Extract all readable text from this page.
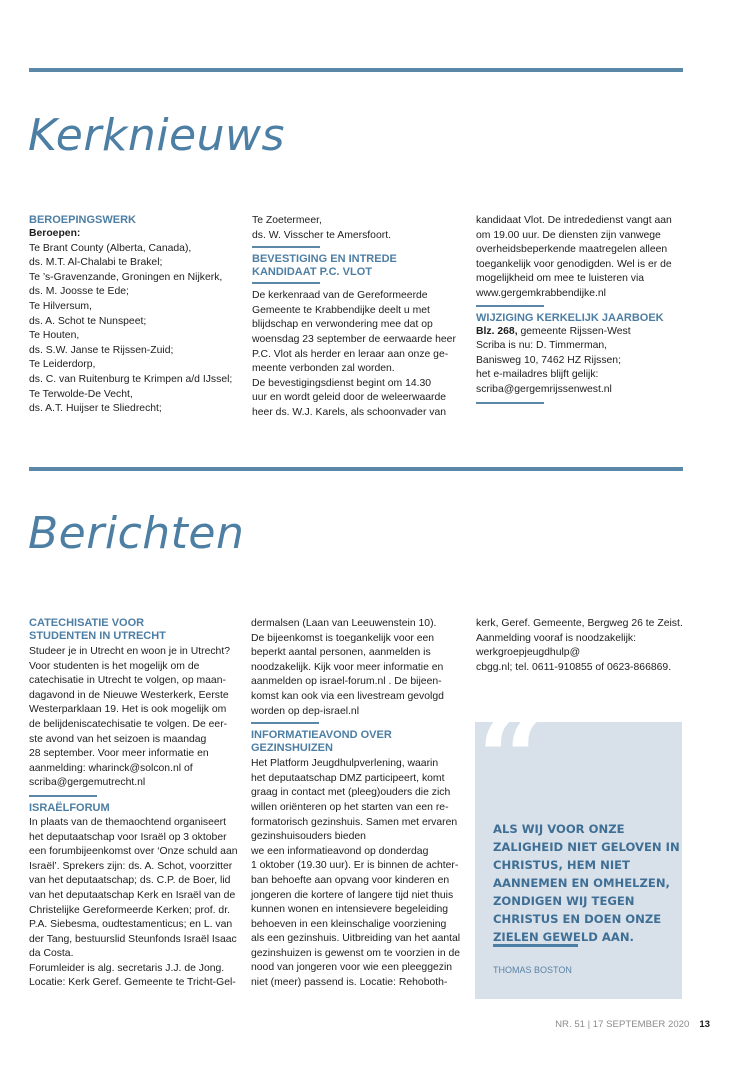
Kerknieuws
BEROEPINGSWERK
Beroepen:
Te Brant County (Alberta, Canada),
ds. M.T. Al-Chalabi te Brakel;
Te ’s-Gravenzande, Groningen en Nijkerk,
ds. M. Joosse te Ede;
Te Hilversum,
ds. A. Schot te Nunspeet;
Te Houten,
ds. S.W. Janse te Rijssen-Zuid;
Te Leiderdorp,
ds. C. van Ruitenburg te Krimpen a/d IJssel;
Te Terwolde-De Vecht,
ds. A.T. Huijser te Sliedrecht;
Te Zoetermeer,
ds. W. Visscher te Amersfoort.
BEVESTIGING EN INTREDE
KANDIDAAT P.C. VLOT
De kerkenraad van de Gereformeerde
Gemeente te Krabbendijke deelt u met
blijdschap en verwondering mee dat op
woensdag 23 september de eerwaarde heer
P.C. Vlot als herder en leraar aan onze ge-
meente verbonden zal worden.
De bevestigingsdienst begint om 14.30
uur en wordt geleid door de weleerwaarde
heer ds. W.J. Karels, als schoonvader van
kandidaat Vlot. De intrededienst vangt aan
om 19.00 uur. De diensten zijn vanwege
overheidsbeperkende maatregelen alleen
toegankelijk voor genodigden. Wel is er de
mogelijkheid om mee te luisteren via
www.gergemkrabbendijke.nl
WIJZIGING KERKELIJK JAARBOEK
Blz. 268, gemeente Rijssen-West
Scriba is nu: D. Timmerman,
Banisweg 10, 7462 HZ Rijssen;
het e-mailadres blijft gelijk:
scriba@gergemrijssenwest.nl
Berichten
CATECHISATIE VOOR
STUDENTEN IN UTRECHT
Studeer je in Utrecht en woon je in Utrecht?
Voor studenten is het mogelijk om de
catechisatie in Utrecht te volgen, op maan-
dagavond in de Nieuwe Westerkerk, Eerste
Westerparklaan 19. Het is ook mogelijk om
de belijdeniscatechisatie te volgen. De eer-
ste avond van het seizoen is maandag
28 september. Voor meer informatie en
aanmelding: wharinck@solcon.nl of
scriba@gergemutrecht.nl
ISRAËLFORUM
In plaats van de themaochtend organiseert
het deputaatschap voor Israël op 3 oktober
een forumbijeenkomst over ‘Onze schuld aan
Israël’. Sprekers zijn: ds. A. Schot, voorzitter
van het deputaatschap; ds. C.P. de Boer, lid
van het deputaatschap Kerk en Israël van de
Christelijke Gereformeerde Kerken; prof. dr.
P.A. Siebesma, oudtestamenticus; en L. van
der Tang, bestuurslid Steunfonds Israël Isaac
da Costa.
Forumleider is alg. secretaris J.J. de Jong.
Locatie: Kerk Geref. Gemeente te Tricht-Gel-
dermalsen (Laan van Leeuwenstein 10).
De bijeenkomst is toegankelijk voor een
beperkt aantal personen, aanmelden is
noodzakelijk. Kijk voor meer informatie en
aanmelden op israel-forum.nl . De bijeen-
komst kan ook via een livestream gevolgd
worden op dep-israel.nl
INFORMATIEAVOND OVER
GEZINSHUIZEN
Het Platform Jeugdhulpverlening, waarin
het deputaatschap DMZ participeert, komt
graag in contact met (pleeg)ouders die zich
willen oriënteren op het starten van een re-
formatorisch gezinshuis. Samen met ervaren
gezinshuisouders bieden
we een informatieavond op donderdag
1 oktober (19.30 uur). Er is binnen de achter-
ban behoefte aan opvang voor kinderen en
jongeren die kortere of langere tijd niet thuis
kunnen wonen en intensievere begeleiding
behoeven in een kleinschalige voorziening
als een gezinshuis. Uitbreiding van het aantal
gezinshuizen is gewenst om te voorzien in de
nood van jongeren voor wie een pleeggezin
niet (meer) passend is. Locatie: Rehoboth-
kerk, Geref. Gemeente, Bergweg 26 te Zeist.
Aanmelding vooraf is noodzakelijk:
werkgroepjeugdhulp@
cbgg.nl; tel. 0611-910855 of 0623-866869.
“
ALS WIJ VOOR ONZE ZALIGHEID NIET GELOVEN IN CHRISTUS, HEM NIET AANNEMEN EN OMHELZEN, ZONDIGEN WIJ TEGEN CHRISTUS EN DOEN ONZE ZIELEN GEWELD AAN.
THOMAS BOSTON
NR. 51 | 17 SEPTEMBER 2020 13
